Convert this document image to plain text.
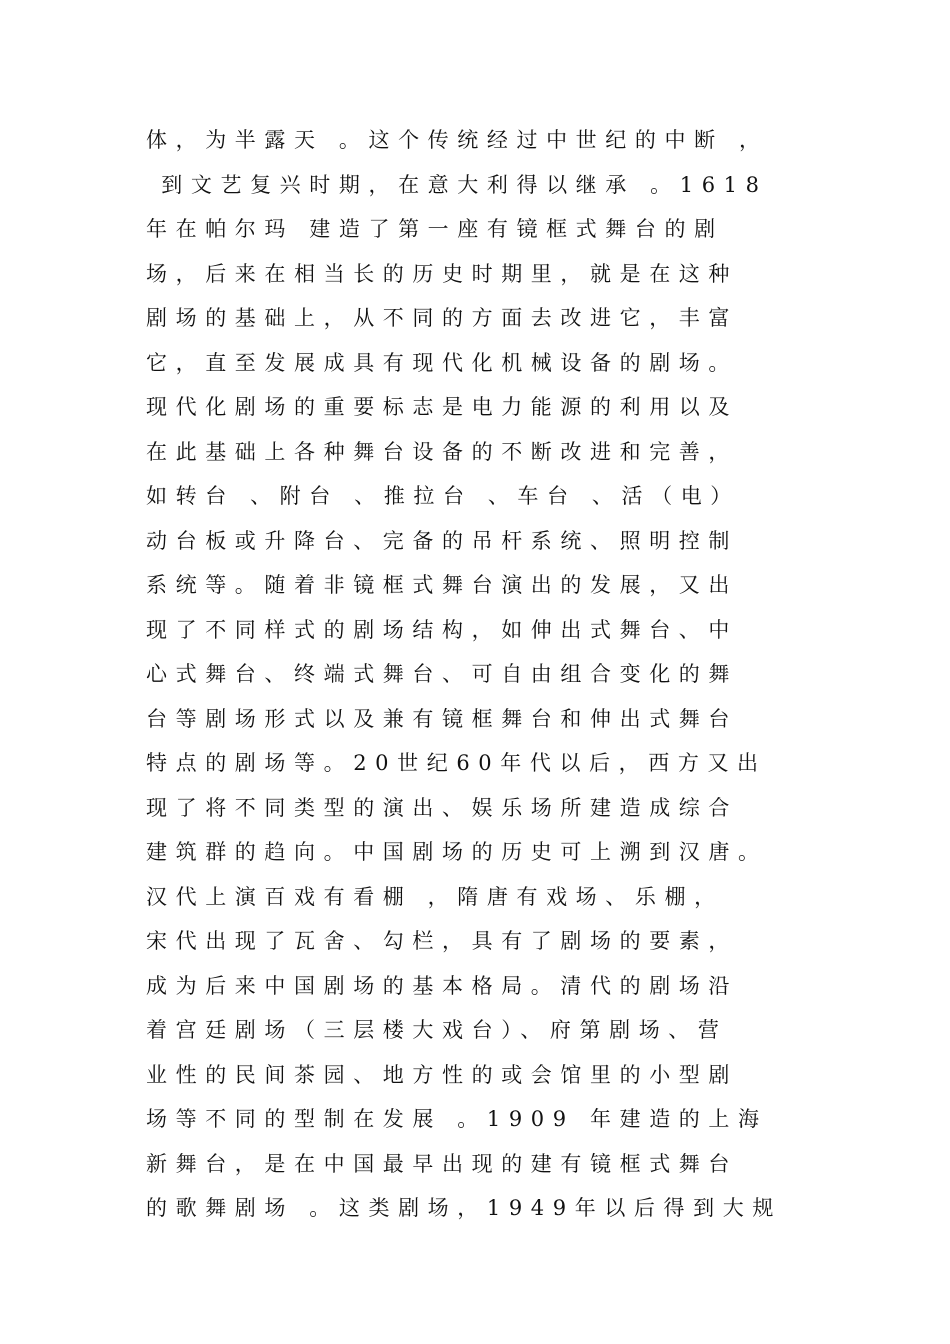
体，为半露天 。这个传统经过中世纪的中断 ，
到文艺复兴时期，在意大利得以继承 。1618
年在帕尔玛 建造了第一座有镜框式舞台的剧
场，后来在相当长的历史时期里，就是在这种
剧场的基础上，从不同的方面去改进它，丰富
它，直至发展成具有现代化机械设备的剧场。
现代化剧场的重要标志是电力能源的利用以及
在此基础上各种舞台设备的不断改进和完善，
如转台 、附台 、推拉台 、车台 、活（电）
动台板或升降台、完备的吊杆系统、照明控制
系统等。随着非镜框式舞台演出的发展，又出
现了不同样式的剧场结构，如伸出式舞台、中
心式舞台、终端式舞台、可自由组合变化的舞
台等剧场形式以及兼有镜框舞台和伸出式舞台
特点的剧场等。20世纪60年代以后，西方又出
现了将不同类型的演出、娱乐场所建造成综合
建筑群的趋向。中国剧场的历史可上溯到汉唐。
汉代上演百戏有看棚 ，隋唐有戏场、乐棚，
宋代出现了瓦舍、勾栏，具有了剧场的要素，
成为后来中国剧场的基本格局。清代的剧场沿
着宫廷剧场（三层楼大戏台）、府第剧场、营
业性的民间茶园、地方性的或会馆里的小型剧
场等不同的型制在发展 。1909 年建造的上海
新舞台，是在中国最早出现的建有镜框式舞台
的歌舞剧场 。这类剧场，1949年以后得到大规
